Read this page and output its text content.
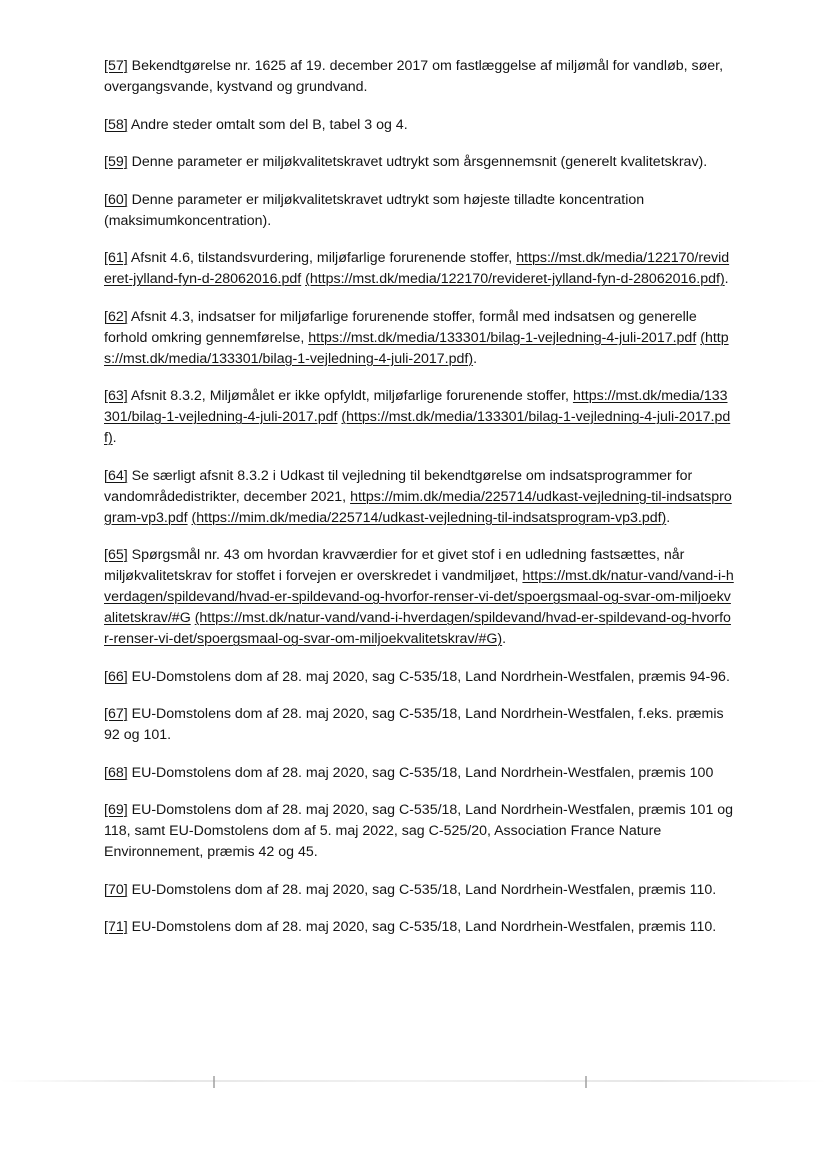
[57] Bekendtgørelse nr. 1625 af 19. december 2017 om fastlæggelse af miljømål for vandløb, søer, overgangsvande, kystvand og grundvand.

[58] Andre steder omtalt som del B, tabel 3 og 4.

[59] Denne parameter er miljøkvalitetskravet udtrykt som årsgennemsnit (generelt kvalitetskrav).

[60] Denne parameter er miljøkvalitetskravet udtrykt som højeste tilladte koncentration (maksimumkoncentration).

[61] Afsnit 4.6, tilstandsvurdering, miljøfarlige forurenende stoffer, https://mst.dk/media/122170/revideret-jylland-fyn-d-28062016.pdf (https://mst.dk/media/122170/revideret-jylland-fyn-d-28062016.pdf).

[62] Afsnit 4.3, indsatser for miljøfarlige forurenende stoffer, formål med indsatsen og generelle forhold omkring gennemførelse, https://mst.dk/media/133301/bilag-1-vejledning-4-juli-2017.pdf (https://mst.dk/media/133301/bilag-1-vejledning-4-juli-2017.pdf).

[63] Afsnit 8.3.2, Miljømålet er ikke opfyldt, miljøfarlige forurenende stoffer, https://mst.dk/media/133301/bilag-1-vejledning-4-juli-2017.pdf (https://mst.dk/media/133301/bilag-1-vejledning-4-juli-2017.pdf).

[64] Se særligt afsnit 8.3.2 i Udkast til vejledning til bekendtgørelse om indsatsprogrammer for vandområdedistrikter, december 2021, https://mim.dk/media/225714/udkast-vejledning-til-indsatsprogram-vp3.pdf (https://mim.dk/media/225714/udkast-vejledning-til-indsatsprogram-vp3.pdf).

[65] Spørgsmål nr. 43 om hvordan kravværdier for et givet stof i en udledning fastsættes, når miljøkvalitetskrav for stoffet i forvejen er overskredet i vandmiljøet, https://mst.dk/natur-vand/vand-i-hverdagen/spildevand/hvad-er-spildevand-og-hvorfor-renser-vi-det/spoergsmaal-og-svar-om-miljoekvalitetskrav/#G (https://mst.dk/natur-vand/vand-i-hverdagen/spildevand/hvad-er-spildevand-og-hvorfor-renser-vi-det/spoergsmaal-og-svar-om-miljoekvalitetskrav/#G).

[66] EU-Domstolens dom af 28. maj 2020, sag C-535/18, Land Nordrhein-Westfalen, præmis 94-96.

[67] EU-Domstolens dom af 28. maj 2020, sag C-535/18, Land Nordrhein-Westfalen, f.eks. præmis 92 og 101.

[68] EU-Domstolens dom af 28. maj 2020, sag C-535/18, Land Nordrhein-Westfalen, præmis 100

[69] EU-Domstolens dom af 28. maj 2020, sag C-535/18, Land Nordrhein-Westfalen, præmis 101 og 118, samt EU-Domstolens dom af 5. maj 2022, sag C-525/20, Association France Nature Environnement, præmis 42 og 45.

[70] EU-Domstolens dom af 28. maj 2020, sag C-535/18, Land Nordrhein-Westfalen, præmis 110.

[71] EU-Domstolens dom af 28. maj 2020, sag C-535/18, Land Nordrhein-Westfalen, præmis 110.
